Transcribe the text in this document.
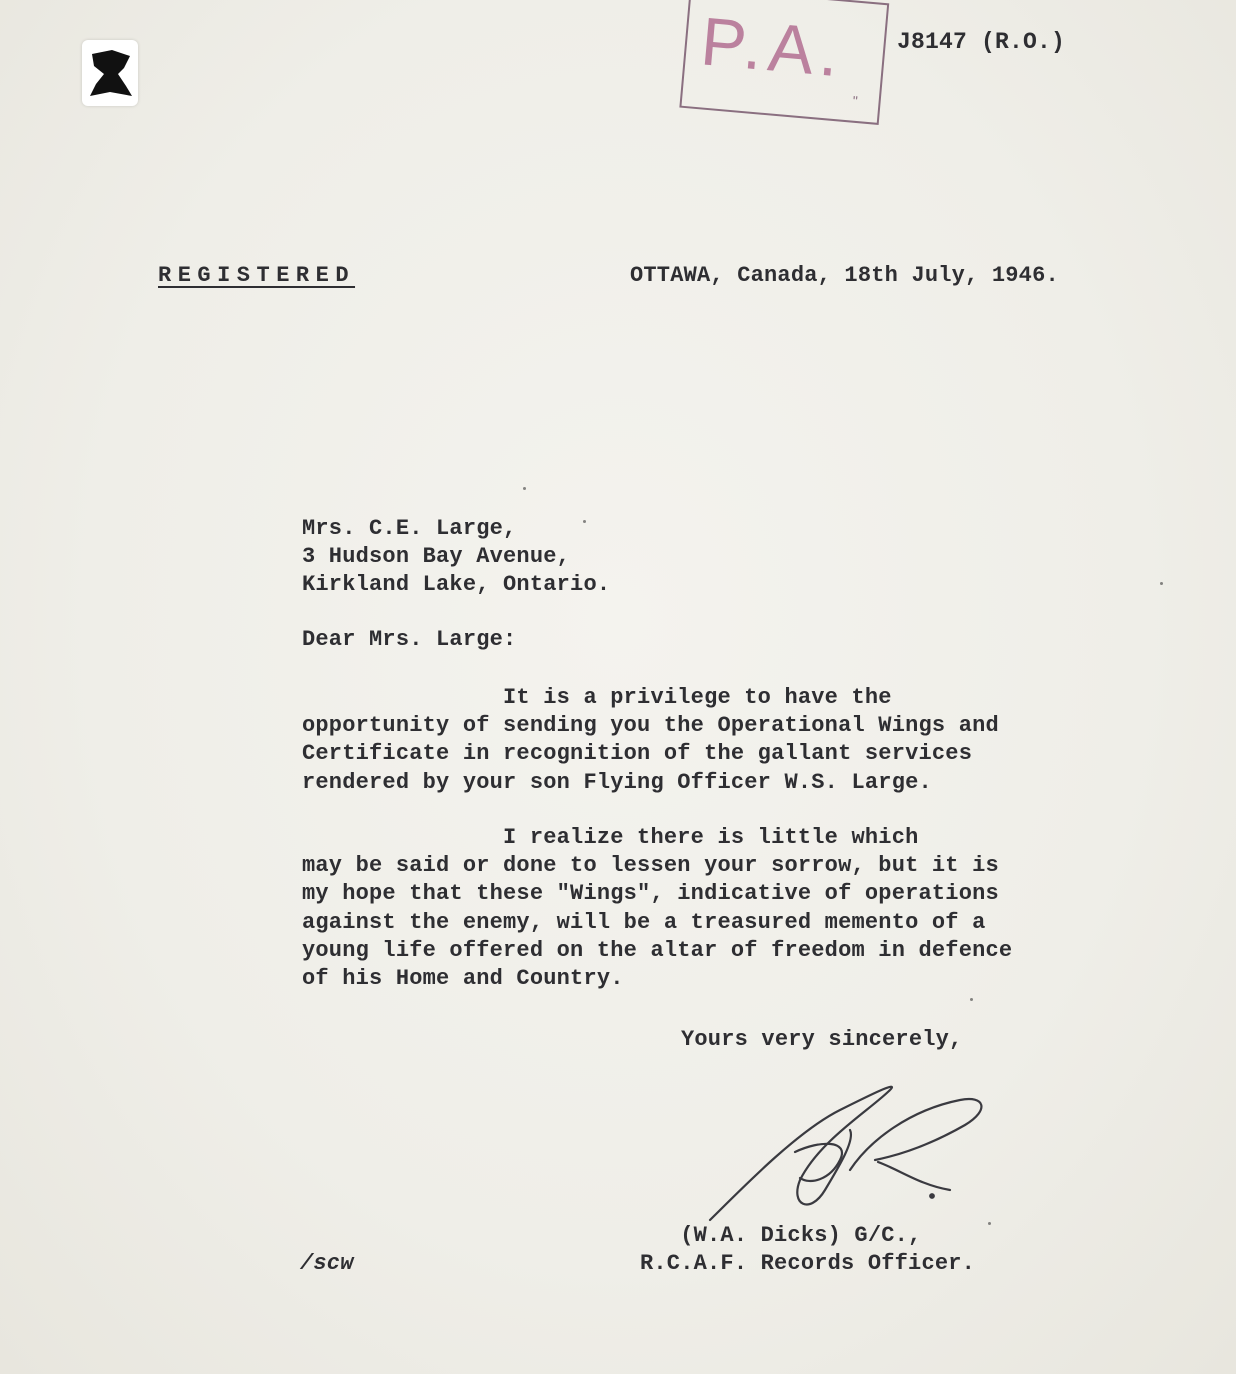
P.A.
"

J8147 (R.O.)

REGISTERED	OTTAWA, Canada, 18th July, 1946.

Mrs. C.E. Large,
3 Hudson Bay Avenue,
Kirkland Lake, Ontario.

Dear Mrs. Large:

It is a privilege to have the
opportunity of sending you the Operational Wings and
Certificate in recognition of the gallant services
rendered by your son Flying Officer W.S. Large.

I realize there is little which
may be said or done to lessen your sorrow, but it is
my hope that these "Wings", indicative of operations
against the enemy, will be a treasured memento of a
young life offered on the altar of freedom in defence
of his Home and Country.

Yours very sincerely,

(W.A. Dicks) G/C.,
R.C.A.F. Records Officer.

/scw
